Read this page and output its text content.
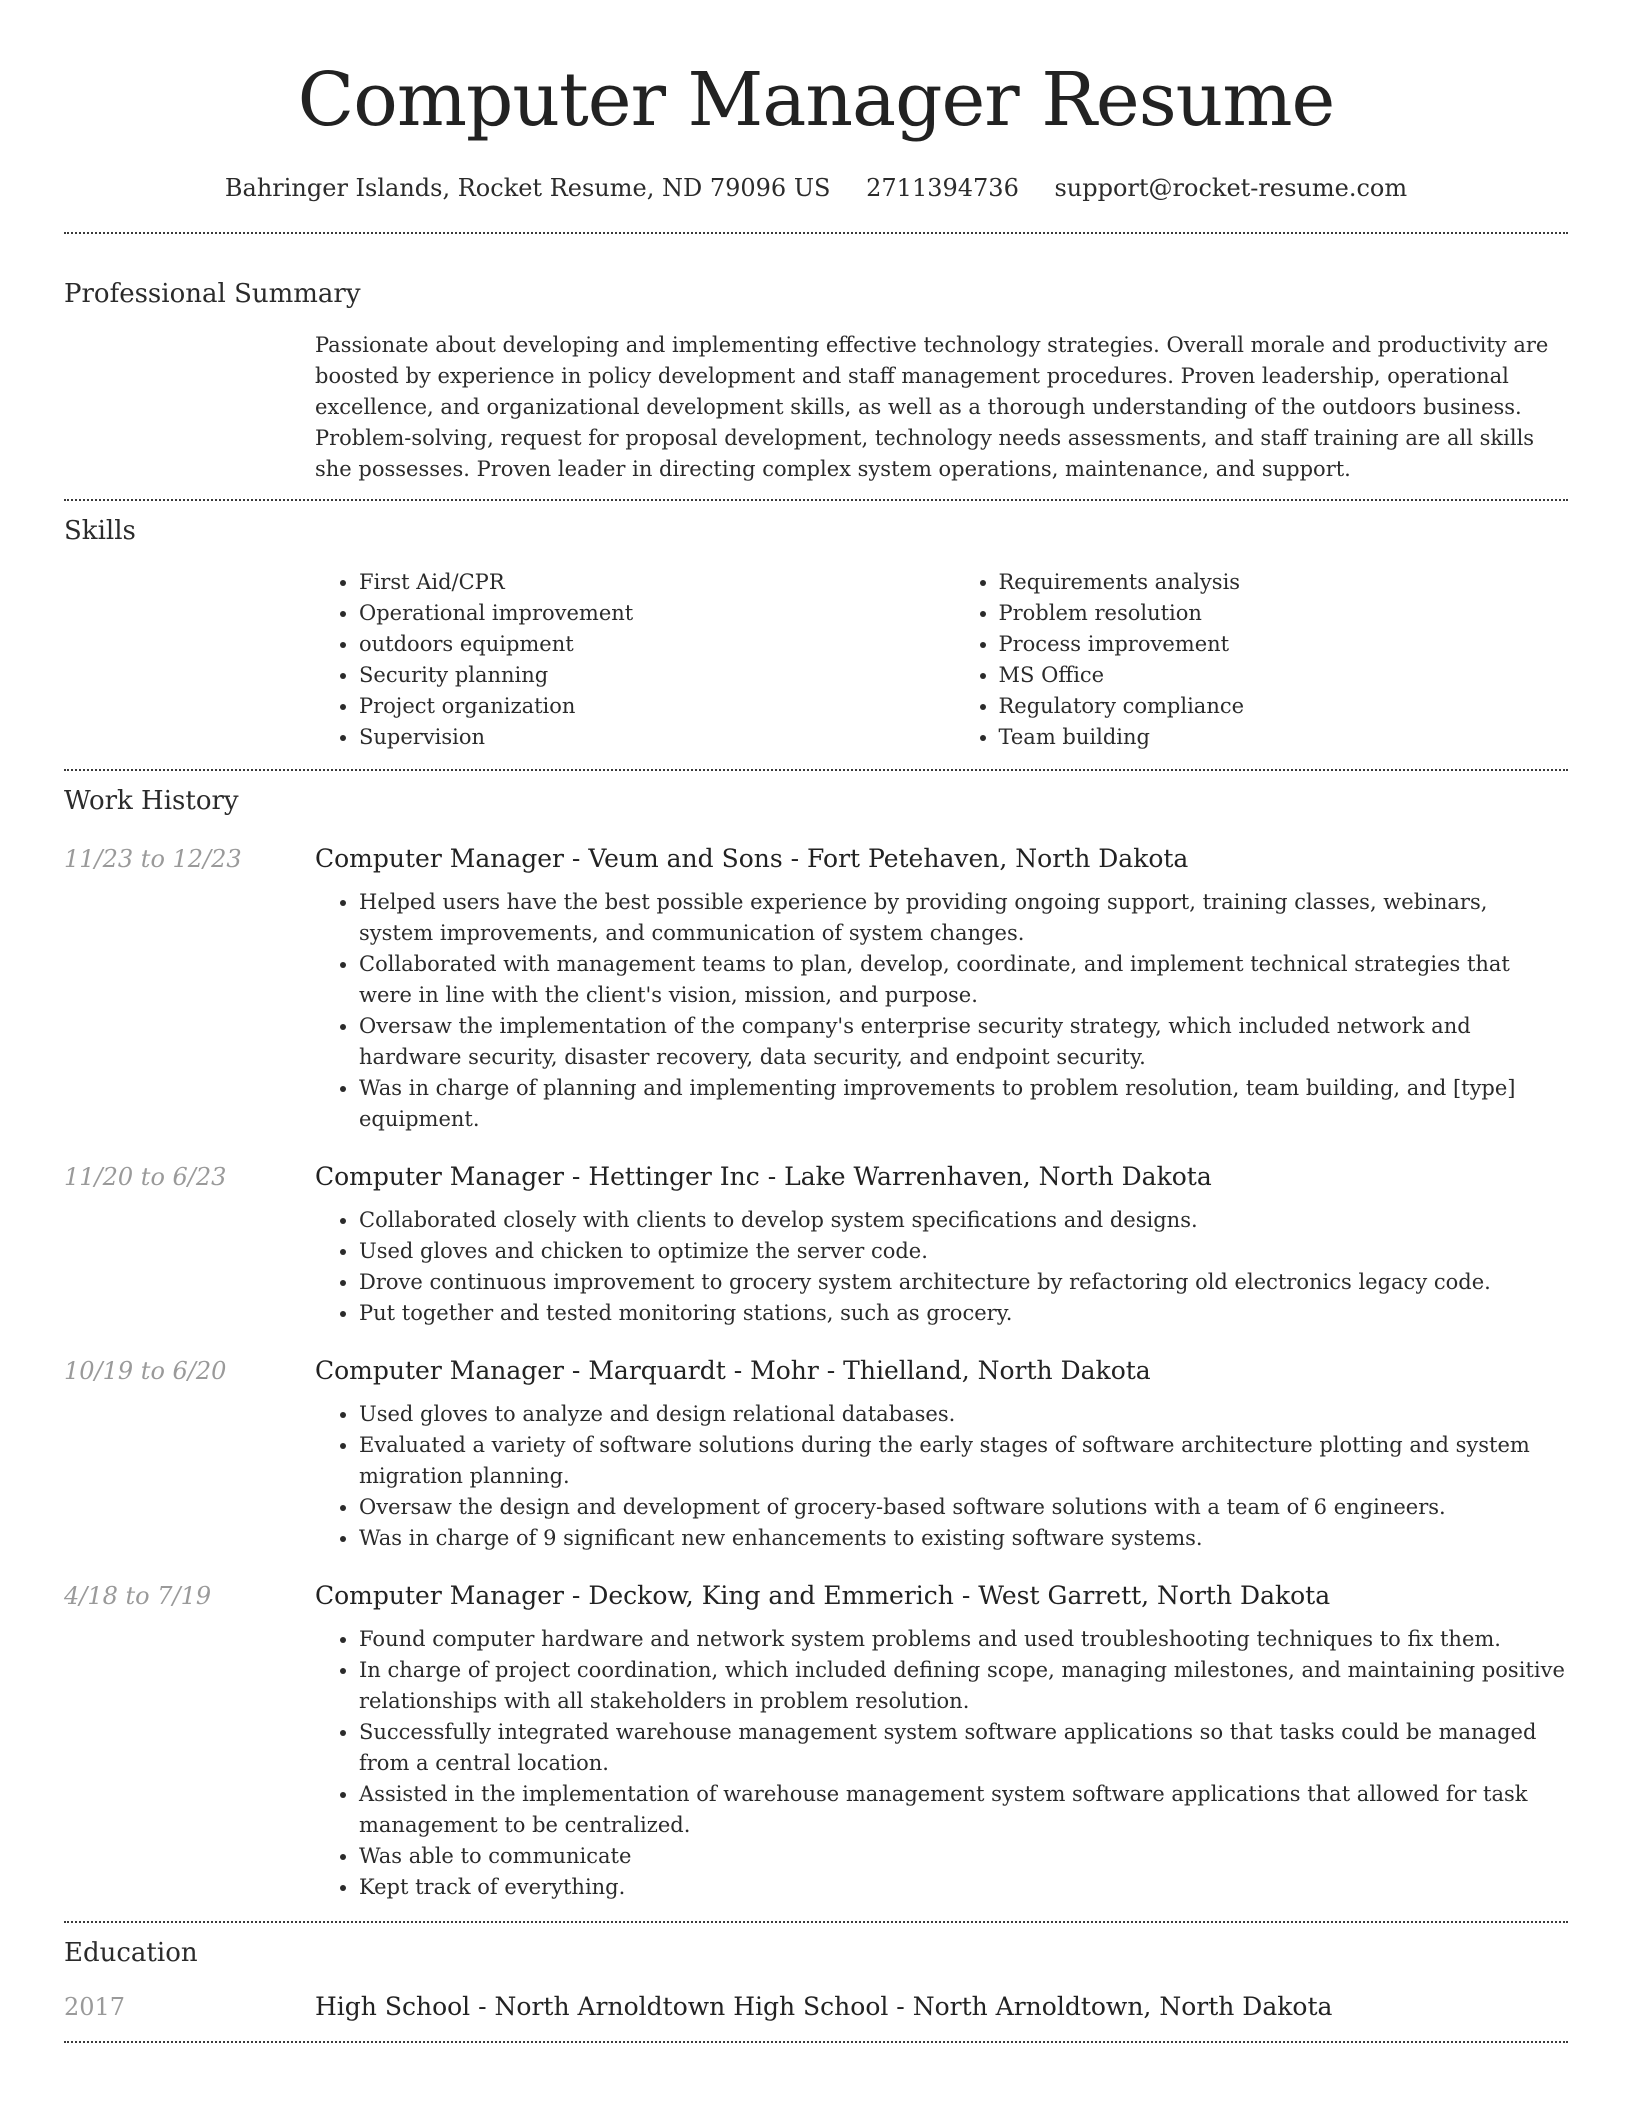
Computer Manager Resume
Bahringer Islands, Rocket Resume, ND 79096 US 2711394736 support@rocket-resume.com
Professional Summary

Passionate about developing and implementing effective technology strategies. Overall morale and productivity are boosted by experience in policy development and staff management procedures. Proven leadership, operational excellence, and organizational development skills, as well as a thorough understanding of the outdoors business. Problem-solving, request for proposal development, technology needs assessments, and staff training are all skills she possesses. Proven leader in directing complex system operations, maintenance, and support.

Skills
• First Aid/CPR
• Operational improvement
• outdoors equipment
• Security planning
• Project organization
• Supervision
• Requirements analysis
• Problem resolution
• Process improvement
• MS Office
• Regulatory compliance
• Team building
Work History
11/23 to 12/23	Computer Manager - Veum and Sons - Fort Petehaven, North Dakota
• Helped users have the best possible experience by providing ongoing support, training classes, webinars, system improvements, and communication of system changes.
• Collaborated with management teams to plan, develop, coordinate, and implement technical strategies that were in line with the client's vision, mission, and purpose.
• Oversaw the implementation of the company's enterprise security strategy, which included network and hardware security, disaster recovery, data security, and endpoint security.
• Was in charge of planning and implementing improvements to problem resolution, team building, and [type] equipment.
11/20 to 6/23	Computer Manager - Hettinger Inc - Lake Warrenhaven, North Dakota
• Collaborated closely with clients to develop system specifications and designs.
• Used gloves and chicken to optimize the server code.
• Drove continuous improvement to grocery system architecture by refactoring old electronics legacy code.
• Put together and tested monitoring stations, such as grocery.
10/19 to 6/20	Computer Manager - Marquardt - Mohr - Thielland, North Dakota
• Used gloves to analyze and design relational databases.
• Evaluated a variety of software solutions during the early stages of software architecture plotting and system migration planning.
• Oversaw the design and development of grocery-based software solutions with a team of 6 engineers.
• Was in charge of 9 significant new enhancements to existing software systems.
4/18 to 7/19	Computer Manager - Deckow, King and Emmerich - West Garrett, North Dakota
• Found computer hardware and network system problems and used troubleshooting techniques to fix them.
• In charge of project coordination, which included defining scope, managing milestones, and maintaining positive relationships with all stakeholders in problem resolution.
• Successfully integrated warehouse management system software applications so that tasks could be managed from a central location.
• Assisted in the implementation of warehouse management system software applications that allowed for task management to be centralized.
• Was able to communicate
• Kept track of everything.
Education
2017	High School - North Arnoldtown High School - North Arnoldtown, North Dakota
